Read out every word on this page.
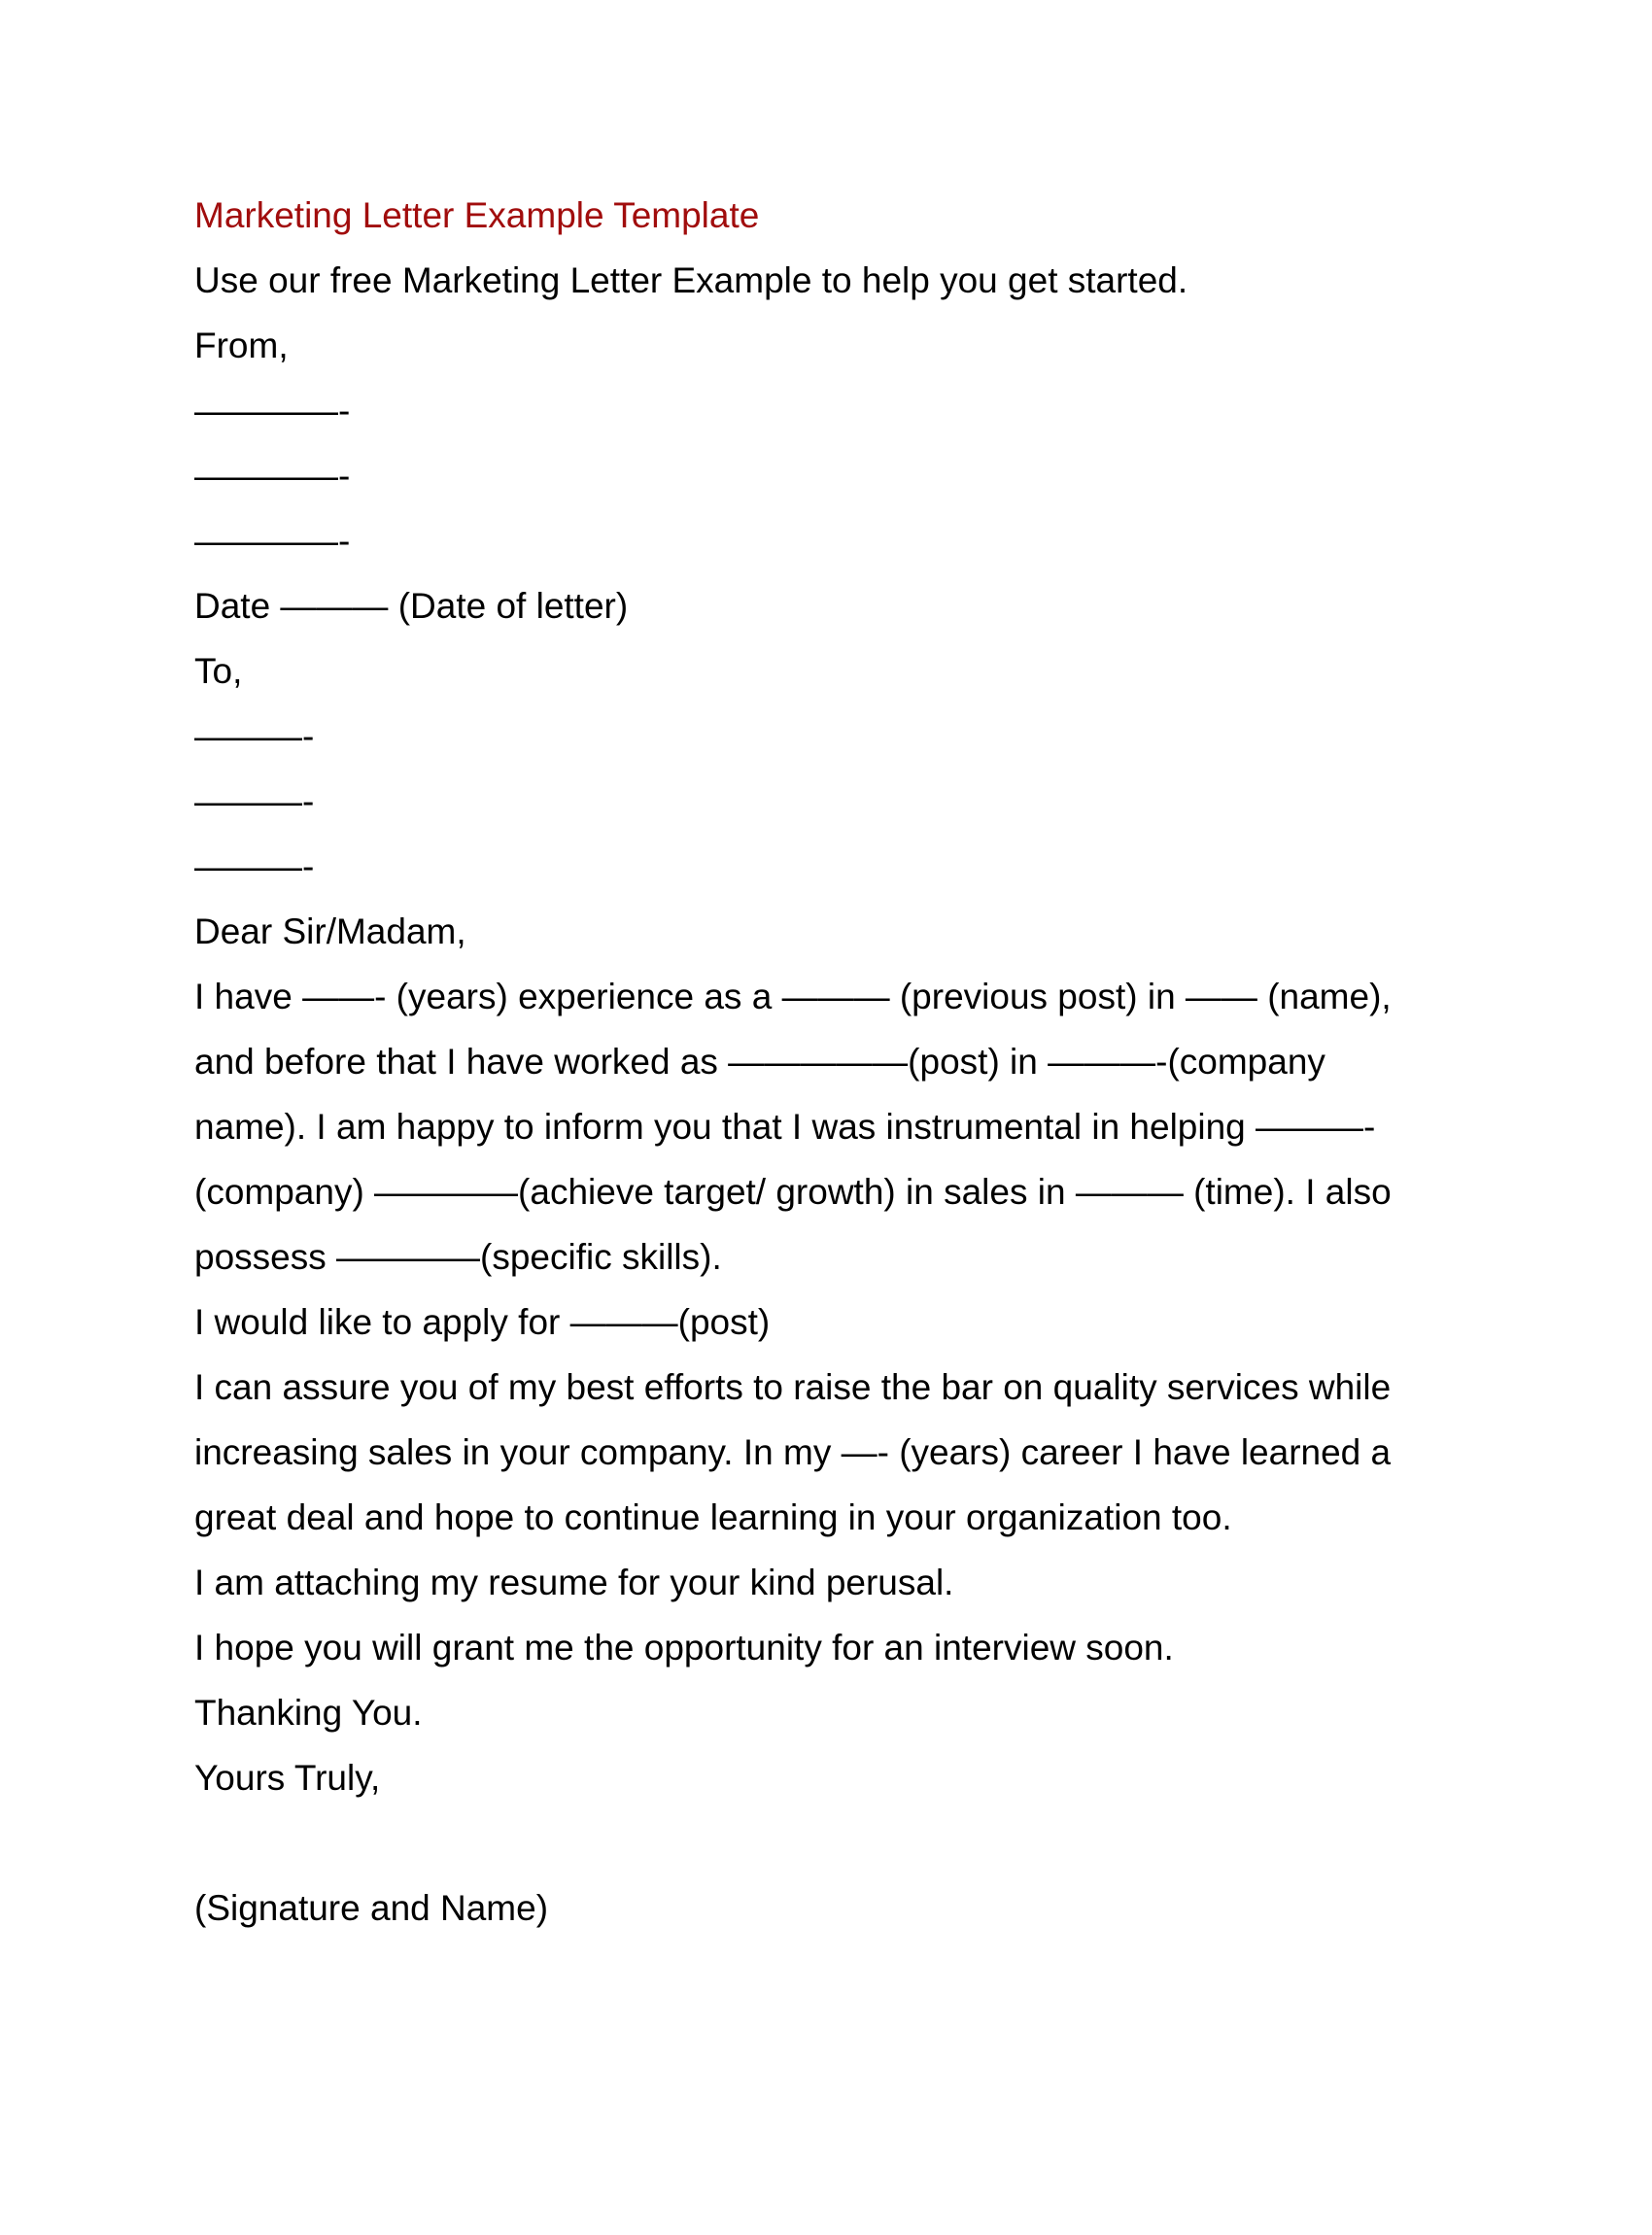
Marketing Letter Example Template

Use our free Marketing Letter Example to help you get started.

From,

————-

————-

————-

Date ——— (Date of letter)

To,

———-

———-

———-

Dear Sir/Madam,

I have ——- (years) experience as a ——— (previous post) in —— (name),

and before that I have worked as —————(post) in ———-(company

name). I am happy to inform you that I was instrumental in helping ———-

(company) ————(achieve target/ growth) in sales in ——— (time). I also

possess ————(specific skills).

I would like to apply for ———(post)

I can assure you of my best efforts to raise the bar on quality services while

increasing sales in your company. In my —- (years) career I have learned a

great deal and hope to continue learning in your organization too.

I am attaching my resume for your kind perusal.

I hope you will grant me the opportunity for an interview soon.

Thanking You.

Yours Truly,

(Signature and Name)
